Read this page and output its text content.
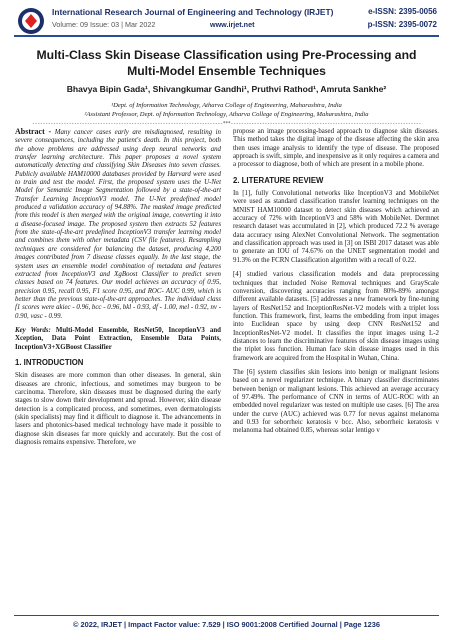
International Research Journal of Engineering and Technology (IRJET)
Volume: 09 Issue: 03 | Mar 2022	www.irjet.net
e-ISSN: 2395-0056
p-ISSN: 2395-0072
Multi-Class Skin Disease Classification using Pre-Processing and Multi-Model Ensemble Techniques
Bhavya Bipin Gada¹, Shivangkumar Gandhi¹, Pruthvi Rathod¹, Amruta Sankhe²
¹Dept. of Information Technology, Atharva College of Engineering, Maharashtra, India
²Assistant Professor, Dept. of Information Technology, Atharva College of Engineering, Maharashtra, India
-------------------------------------------------------------------------***-------------------------------------------------------------------------

Abstract - Many cancer cases early are misdiagnosed, resulting in severe consequences, including the patient's death. In this project, both the above problems are addressed using deep neural networks and transfer learning architecture. This paper proposes a novel system automatically detecting and classifying Skin Diseases into seven classes. Publicly available HAM10000 databases provided by Harvard were used to train and test the model. First, the proposed system uses the U-Net Model for Semantic Image Segmentation followed by a state-of-the-art Transfer Learning InceptionV3 model. The U-Net predefined model produced a validation accuracy of 94.88%. The masked image predicted from this model is then merged with the original image, converting it into a disease-focused image. The proposed system then extracts 52 features from the state-of-the-art predefined InceptionV3 transfer learning model and combines them with other metadata (CSV file features). Resampling techniques are considered for balancing the dataset, producing 4,200 images contributed from 7 disease classes equally. In the last stage, the system uses an ensemble model combination of metadata and features extracted from InceptionV3 and XgBoost Classifier to predict seven classes based on 74 features. Our model achieves an accuracy of 0.95, precision 0.95, recall 0.95, F1 score 0.95, and ROC- AUC 0.99, which is better than the previous state-of-the-art approaches. The individual class f1 scores were akiec - 0.96, bcc - 0.96, bkl - 0.93, df - 1.00, mel - 0.92, nv - 0.90, vasc - 0.99.

Key Words: Multi-Model Ensemble, ResNet50, InceptionV3 and Xception, Data Point Extraction, Ensemble Data Points, InceptionV3+XGBoost Classifier

1. INTRODUCTION

Skin diseases are more common than other diseases. In general, skin diseases are chronic, infectious, and sometimes may burgeon to be carcinoma. Therefore, skin diseases must be diagnosed during the early stages to slow down their development and spread. However, skin disease detection is a complicated process, and sometimes, even dermatologists (skin specialists) may find it difficult to diagnose it. The advancements in lasers and photonics-based medical technology have made it possible to diagnose skin diseases far more quickly and accurately. But the cost of diagnosis remains expensive. Therefore, we

propose an image processing-based approach to diagnose skin diseases. This method takes the digital image of the disease affecting the skin area then uses image analysis to identify the type of disease. The proposed approach is swift, simple, and inexpensive as it only requires a camera and a processor to diagnose, both of which are present in a mobile phone.

2. LITERATURE REVIEW

In [1], fully Convolutional networks like InceptionV3 and MobileNet were used as standard classification transfer learning techniques on the MNIST HAM10000 dataset to detect skin diseases which achieved an accuracy of 72% with InceptionV3 and 58% with MobileNet. Dermnet research dataset was accumulated in [2], which produced 72.2 % average data accuracy using AlexNet Convolutional Network. The segmentation and classification approach was used in [3] on ISBI 2017 dataset was able to generate an IOU of 74.67% on the UNET segmentation model and 91.3% on the FCRN Classification algorithm with a recall of 0.22.

[4] studied various classification models and data preprocessing techniques that included Noise Removal techniques and GrayScale conversion, discovering accuracies ranging from 80%-89% amongst different available datasets. [5] addresses a new framework by fine-tuning layers of ResNet152 and InceptionResNet-V2 models with a triplet loss function. This framework, first, learns the embedding from input images into Euclidean space by using deep CNN ResNet152 and InceptionResNet-V2 model. It classifies the input images using L-2 distances to learn the discriminative features of skin disease images using the triplet loss function. Human face skin disease images used in this framework are acquired from the Hospital in Wuhan, China.

The [6] system classifies skin lesions into benign or malignant lesions based on a novel regularizer technique. A binary classifier discriminates between benign or malignant lesions. This achieved an average accuracy of 97.49%. The performance of CNN in terms of AUC-ROC with an embedded novel regularizer was tested on multiple use cases. [6] The area under the curve (AUC) achieved was 0.77 for nevus against melanoma and 0.93 for seborrheic keratosis v bcc. Also, seborrheic keratosis v melanoma had obtained 0.85, whereas solar lentigo v

© 2022, IRJET | Impact Factor value: 7.529 | ISO 9001:2008 Certified Journal | Page 1236
